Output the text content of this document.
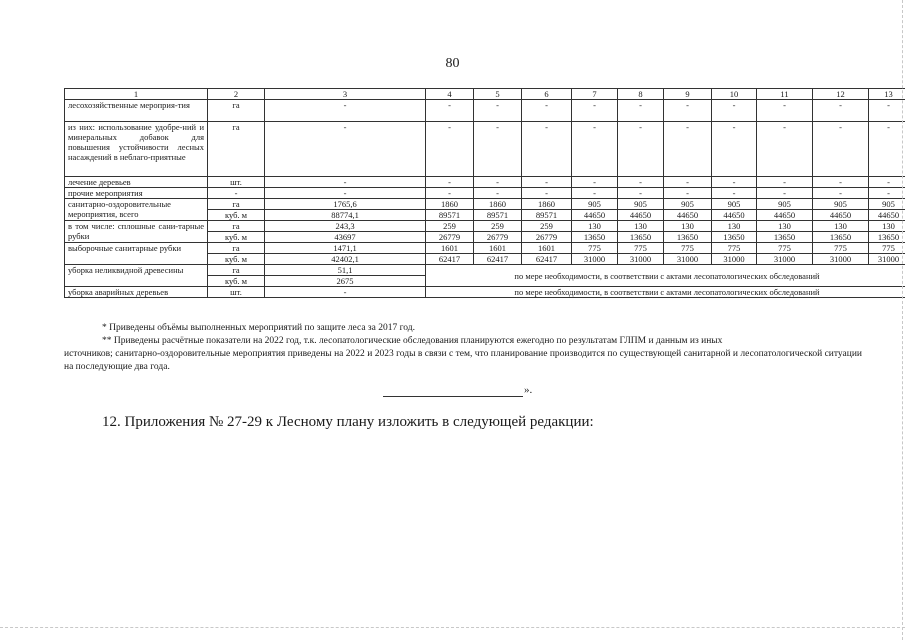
80
1	2	3	4	5	6	7	8	9	10	11	12	13
лесохозяйственные мероприя-тия	га	-	-	-	-	-	-	-	-	-	-	-
из них: использование удобре-ний и минеральных добавок для повышения устойчивости лесных насаждений в неблаго-приятные	га	-	-	-	-	-	-	-	-	-	-	-
лечение деревьев	шт.	-	-	-	-	-	-	-	-	-	-	-
прочие мероприятия	-	-	-	-	-	-	-	-	-	-	-	-
санитарно-оздоровительные мероприятия, всего	га	1765,6	1860	1860	1860	905	905	905	905	905	905	905
	куб. м	88774,1	89571	89571	89571	44650	44650	44650	44650	44650	44650	44650
в том числе: сплошные сани-тарные рубки	га	243,3	259	259	259	130	130	130	130	130	130	130
	куб. м	43697	26779	26779	26779	13650	13650	13650	13650	13650	13650	13650
выборочные санитарные рубки	га	1471,1	1601	1601	1601	775	775	775	775	775	775	775
	куб. м	42402,1	62417	62417	62417	31000	31000	31000	31000	31000	31000	31000
уборка неликвидной древесины	га	51,1	по мере необходимости, в соответствии с актами лесопатологических обследований									
	куб. м	2675										
уборка аварийных деревьев	шт.	-	по мере необходимости, в соответствии с актами лесопатологических обследований									

* Приведены объёмы выполненных мероприятий по защите леса за 2017 год.

** Приведены расчётные показатели на 2022 год, т.к. лесопатологические обследования планируются ежегодно по результатам ГЛПМ и данным из иных

источников; санитарно-оздоровительные мероприятия приведены на 2022 и 2023 годы в связи с тем, что планирование производится по существующей санитарной и лесопатологической ситуации на последующие два года.

».
12. Приложения № 27-29 к Лесному плану изложить в следующей редакции:
